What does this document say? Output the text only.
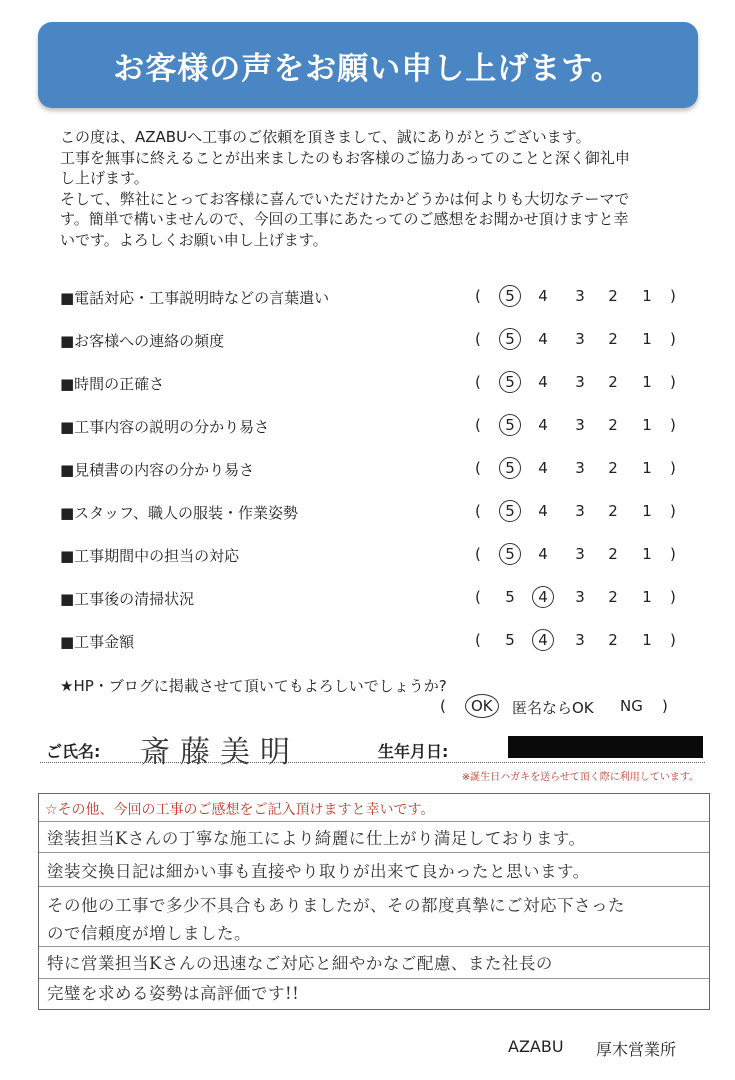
お客様の声をお願い申し上げます。

この度は、AZABUへ工事のご依頼を頂きまして、誠にありがとうございます。

工事を無事に終えることが出来ましたのもお客様のご協力あってのことと深く御礼申

し上げます。

そして、弊社にとってお客様に喜んでいただけたかどうかは何よりも大切なテーマで

す。簡単で構いませんので、今回の工事にあたってのご感想をお聞かせ頂けますと幸

いです。よろしくお願い申し上げます。

■電話対応・工事説明時などの言葉遣い	(	5	4 3 2 1 )
■お客様への連絡の頻度	(	5	4 3 2 1 )
■時間の正確さ	(	5	4 3 2 1 )
■工事内容の説明の分かり易さ	(	5	4 3 2 1 )
■見積書の内容の分かり易さ	(	5	4 3 2 1 )
■スタッフ、職人の服装・作業姿勢	(	5	4 3 2 1 )
■工事期間中の担当の対応	(	5	4 3 2 1 )
■工事後の清掃状況	( 5	4	3 2 1 )
■工事金額	( 5	4	3 2 1 )
★HP・ブログに掲載させて頂いてもよろしいでしょうか?
(	OK	匿名ならOK NG )
ご氏名: 斎藤美明	生年月日:
※誕生日ハガキを送らせて頂く際に利用しています。
☆その他、今回の工事のご感想をご記入頂けますと幸いです。
塗装担当Kさんの丁寧な施工により綺麗に仕上がり満足しております。
塗装交換日記は細かい事も直接やり取りが出来て良かったと思います。
その他の工事で多少不具合もありましたが、その都度真摯にご対応下さった
ので信頼度が増しました。
特に営業担当Kさんの迅速なご対応と細やかなご配慮、また社長の
完璧を求める姿勢は高評価です!!
AZABU 厚木営業所
